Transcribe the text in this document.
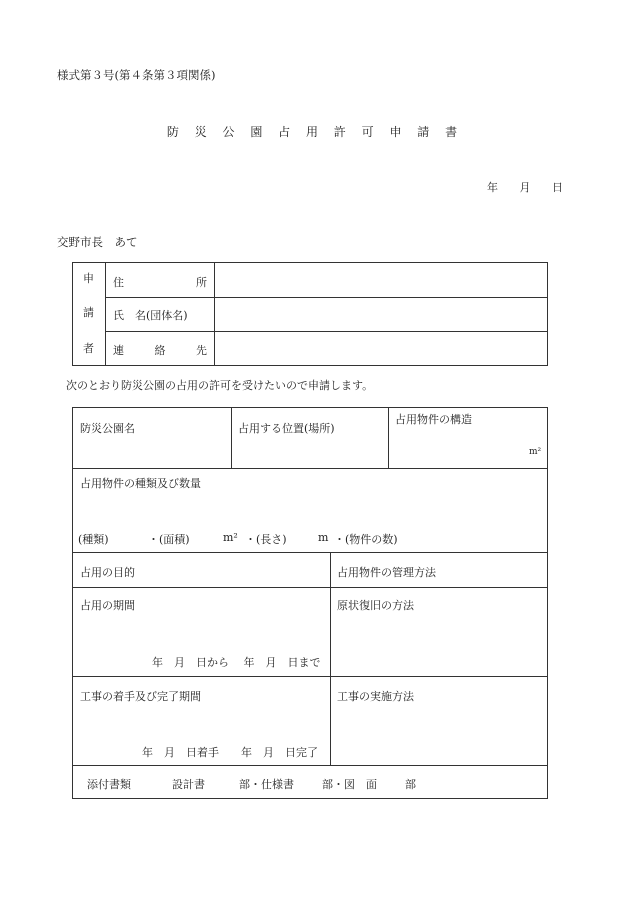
様式第３号(第４条第３項関係)
防 災 公 園 占 用 許 可 申 請 書
年 月 日
交野市長　あて
申
請
者
住	所
氏　名(団体名)
連	絡	先
次のとおり防災公園の占用の許可を受けたいので申請します。
防災公園名	占用する位置(場所)
占用物件の構造
m²
占用物件の種類及び数量
(種類)	・(面積)	m² ・(長さ)	m ・(物件の数)
占用の目的	占用物件の管理方法
占用の期間
年　月　日から　 年　月　日まで
原状復旧の方法
工事の着手及び完了期間
年　月　日着手　　年　月　日完了
工事の実施方法
添付書類	設計書	部・仕様書	部・図　面	部
